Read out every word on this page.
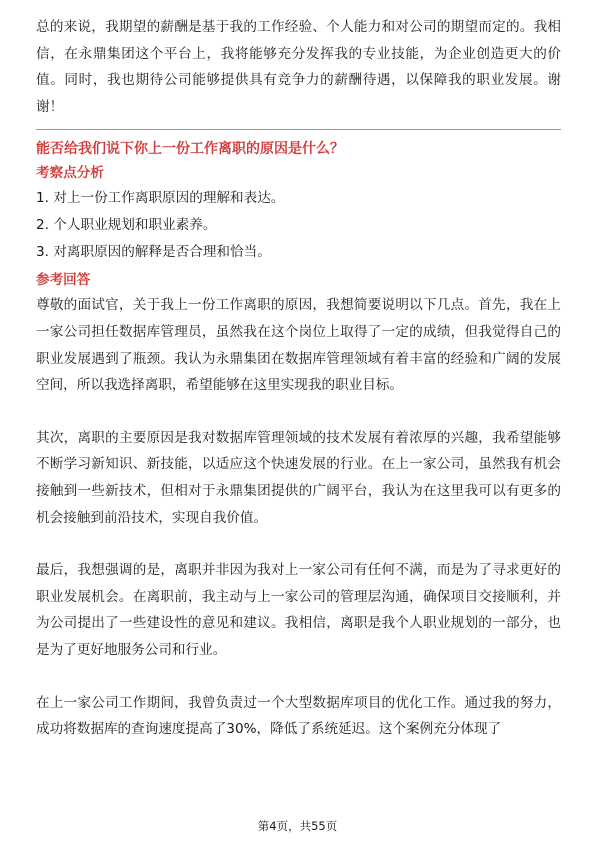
总的来说，我期望的薪酬是基于我的工作经验、个人能力和对公司的期望而定的。我相信，在永鼎集团这个平台上，我将能够充分发挥我的专业技能，为企业创造更大的价值。同时，我也期待公司能够提供具有竞争力的薪酬待遇，以保障我的职业发展。谢谢！

能否给我们说下你上一份工作离职的原因是什么？

考察点分析

1. 对上一份工作离职原因的理解和表达。

2. 个人职业规划和职业素养。

3. 对离职原因的解释是否合理和恰当。

参考回答

尊敬的面试官，关于我上一份工作离职的原因，我想简要说明以下几点。首先，我在上一家公司担任数据库管理员，虽然我在这个岗位上取得了一定的成绩，但我觉得自己的职业发展遇到了瓶颈。我认为永鼎集团在数据库管理领域有着丰富的经验和广阔的发展空间，所以我选择离职，希望能够在这里实现我的职业目标。

其次，离职的主要原因是我对数据库管理领域的技术发展有着浓厚的兴趣，我希望能够不断学习新知识、新技能，以适应这个快速发展的行业。在上一家公司，虽然我有机会接触到一些新技术，但相对于永鼎集团提供的广阔平台，我认为在这里我可以有更多的机会接触到前沿技术，实现自我价值。

最后，我想强调的是，离职并非因为我对上一家公司有任何不满，而是为了寻求更好的职业发展机会。在离职前，我主动与上一家公司的管理层沟通，确保项目交接顺利，并为公司提出了一些建设性的意见和建议。我相信，离职是我个人职业规划的一部分，也是为了更好地服务公司和行业。

在上一家公司工作期间，我曾负责过一个大型数据库项目的优化工作。通过我的努力，成功将数据库的查询速度提高了30%，降低了系统延迟。这个案例充分体现了

第4页，共55页
